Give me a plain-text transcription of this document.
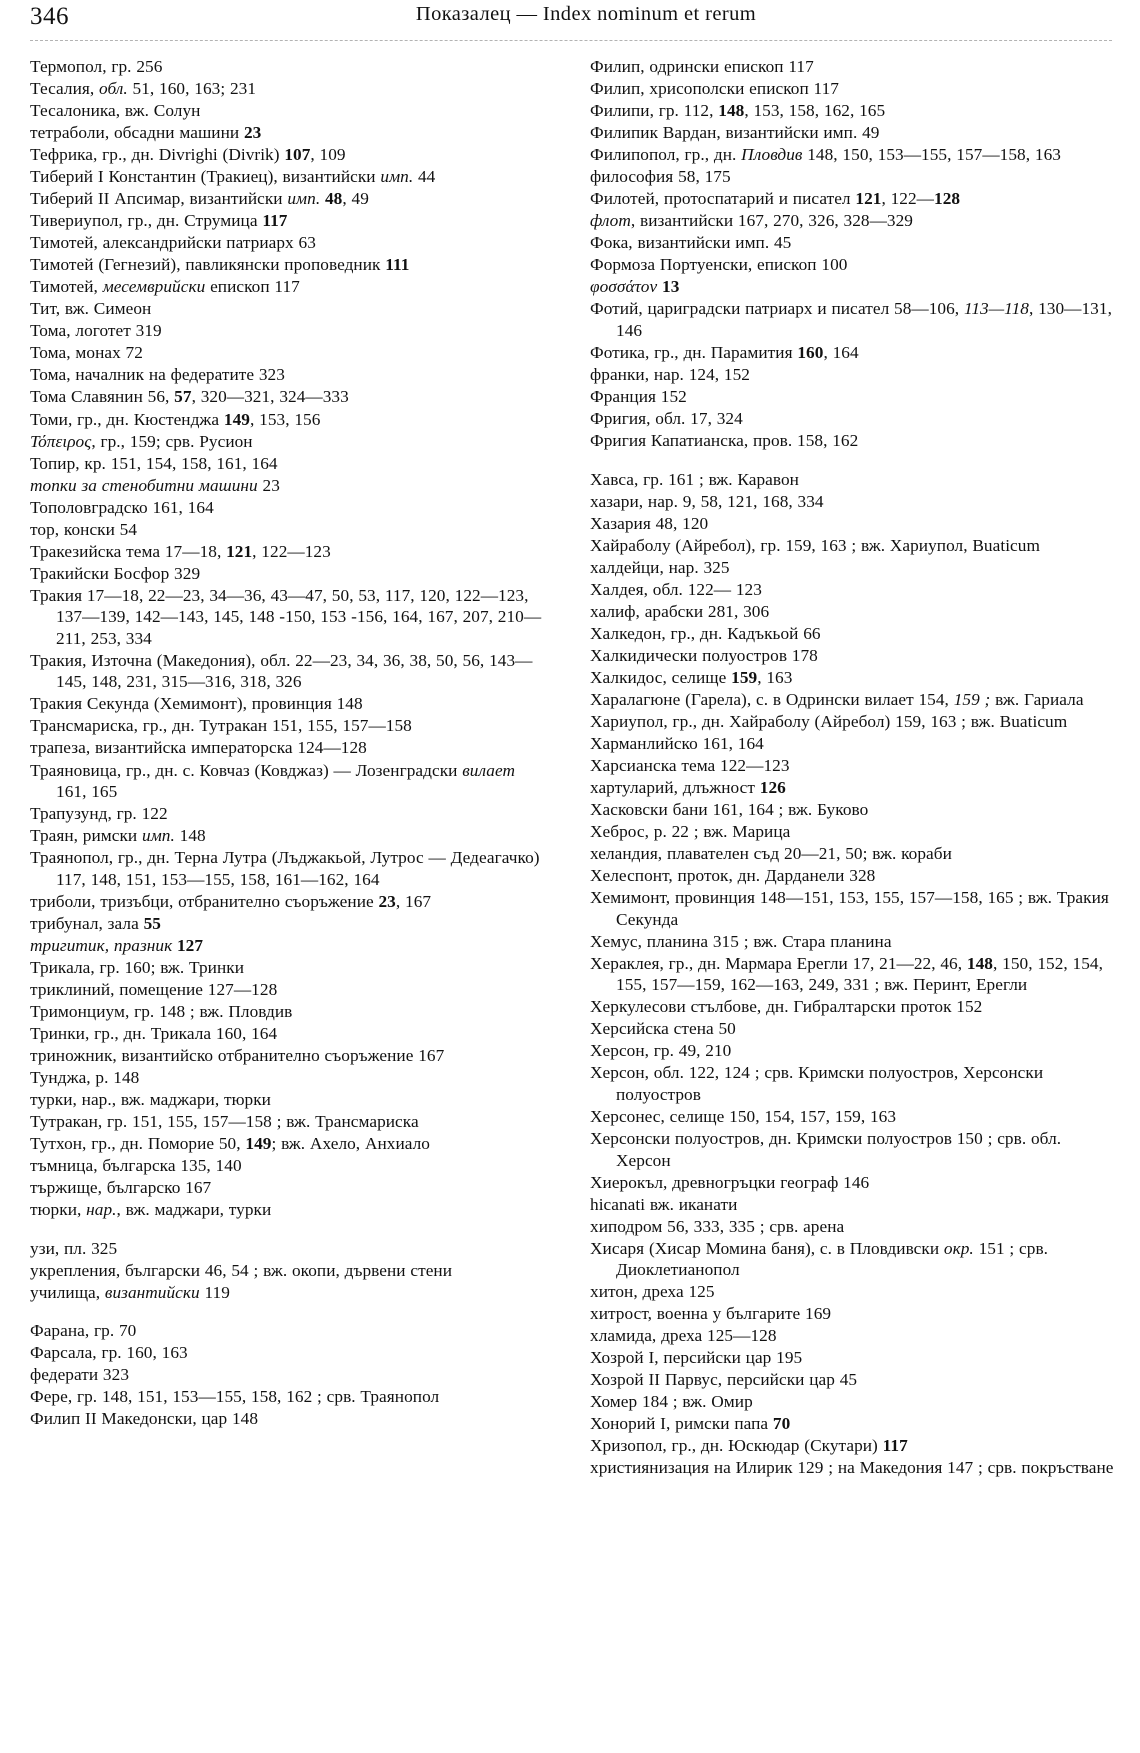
346	Показалец — Index nominum et rerum

Термопол, гр. 256

Тесалия, обл. 51, 160, 163; 231

Тесалоника, вж. Солун

тетраболи, обсадни машини 23

Тефрика, гр., дн. Divrighi (Divrik) 107, 109

Тиберий I Константин (Тракиец), византийски имп. 44

Тиберий II Апсимар, византийски имп. 48, 49

Тивериупол, гр., дн. Струмица 117

Тимотей, александрийски патриарх 63

Тимотей (Гегнезий), павликянски проповедник 111

Тимотей, месемврийски епископ 117

Тит, вж. Симеон

Тома, логотет 319

Тома, монах 72

Тома, началник на федератите 323

Тома Славянин 56, 57, 320—321, 324—333

Томи, гр., дн. Кюстенджа 149, 153, 156

Τόπειρος, гр., 159; срв. Русион

Топир, кр. 151, 154, 158, 161, 164

топки за стенобитни машини 23

Тополовградско 161, 164

тор, конски 54

Тракезийска тема 17—18, 121, 122—123

Тракийски Босфор 329

Тракия 17—18, 22—23, 34—36, 43—47, 50, 53, 117, 120, 122—123, 137—139, 142—143, 145, 148 -150, 153 -156, 164, 167, 207, 210—211, 253, 334

Тракия, Източна (Македония), обл. 22—23, 34, 36, 38, 50, 56, 143—145, 148, 231, 315—316, 318, 326

Тракия Секунда (Хемимонт), провинция 148

Трансмариска, гр., дн. Тутракан 151, 155, 157—158

трапеза, византийска императорска 124—128

Трaяновица, гр., дн. с. Ковчаз (Ковджаз) — Лозенградски вилает 161, 165

Трапузунд, гр. 122

Траян, римски имп. 148

Траянопол, гр., дн. Терна Лутра (Лъджакьой, Лутрос — Дедеагачко) 117, 148, 151, 153—155, 158, 161—162, 164

триболи, тризъбци, отбранително съоръжение 23, 167

трибунал, зала 55

тригитик, празник 127

Трикала, гр. 160; вж. Тринки

триклиний, помещение 127—128

Тримонциум, гр. 148 ; вж. Пловдив

Тринки, гр., дн. Трикала 160, 164

триножник, византийско отбранително съоръжение 167

Тунджа, р. 148

турки, нар., вж. маджари, тюрки

Тутракан, гр. 151, 155, 157—158 ; вж. Трансмариска

Тутхон, гр., дн. Поморие 50, 149; вж. Ахело, Анхиало

тъмница, българска 135, 140

тържище, българско 167

тюрки, нар., вж. маджари, турки

узи, пл. 325

укрепления, български 46, 54 ; вж. окопи, дървени стени

училища, византийски 119

Фарана, гр. 70

Фарсала, гр. 160, 163

федерати 323

Фере, гр. 148, 151, 153—155, 158, 162 ; срв. Траянопол

Филип II Македонски, цар 148

Филип, одрински епископ 117

Филип, хрисополски епископ 117

Филипи, гр. 112, 148, 153, 158, 162, 165

Филипик Вардан, византийски имп. 49

Филипопол, гр., дн. Пловдив 148, 150, 153—155, 157—158, 163

философия 58, 175

Филотей, протоспатарий и писател 121, 122—128

флот, византийски 167, 270, 326, 328—329

Фока, византийски имп. 45

Формоза Портуенски, епископ 100

φοσσάτον 13

Фотий, цариградски патриарх и писател 58—106, 113—118, 130—131, 146

Фотика, гр., дн. Парамития 160, 164

франки, нар. 124, 152

Франция 152

Фригия, обл. 17, 324

Фригия Капатианска, пров. 158, 162

Хавса, гр. 161 ; вж. Каравон

хазари, нар. 9, 58, 121, 168, 334

Хазария 48, 120

Хайраболу (Айребол), гр. 159, 163 ; вж. Хариупол, Buaticum

халдейци, нар. 325

Халдея, обл. 122— 123

халиф, арабски 281, 306

Халкедон, гр., дн. Кадъкьой 66

Халкидически полуостров 178

Халкидос, селище 159, 163

Харалагюне (Гарела), с. в Одрински вилает 154, 159 ; вж. Гариала

Хариупол, гр., дн. Хайраболу (Айребол) 159, 163 ; вж. Buaticum

Харманлийско 161, 164

Харсианска тема 122—123

хартуларий, длъжност 126

Хасковски бани 161, 164 ; вж. Буково

Хеброс, р. 22 ; вж. Марица

хеландия, плавателен съд 20—21, 50; вж. кораби

Хелеспонт, проток, дн. Дарданели 328

Хемимонт, провинция 148—151, 153, 155, 157—158, 165 ; вж. Тракия Секунда

Хемус, планина 315 ; вж. Стара планина

Хераклея, гр., дн. Мармара Ерегли 17, 21—22, 46, 148, 150, 152, 154, 155, 157—159, 162—163, 249, 331 ; вж. Перинт, Ерегли

Херкулесови стълбове, дн. Гибралтарски проток 152

Херсийска стена 50

Херсон, гр. 49, 210

Херсон, обл. 122, 124 ; срв. Кримски полуостров, Херсонски полуостров

Херсонес, селище 150, 154, 157, 159, 163

Херсонски полуостров, дн. Кримски полуостров 150 ; срв. обл. Херсон

Хиерокъл, древногръцки географ 146

hicanati вж. иканати

хиподром 56, 333, 335 ; срв. арена

Хисаря (Хисар Момина баня), с. в Пловдивски окр. 151 ; срв. Диоклетианопол

хитон, дреха 125

хитрост, военна у българите 169

хламида, дреха 125—128

Хозрой I, персийски цар 195

Хозрой II Парвус, персийски цар 45

Хомер 184 ; вж. Омир

Хонорий I, римски папа 70

Хризопол, гр., дн. Юскюдар (Скутари) 117

християнизация на Илирик 129 ; на Македония 147 ; срв. покръстване
